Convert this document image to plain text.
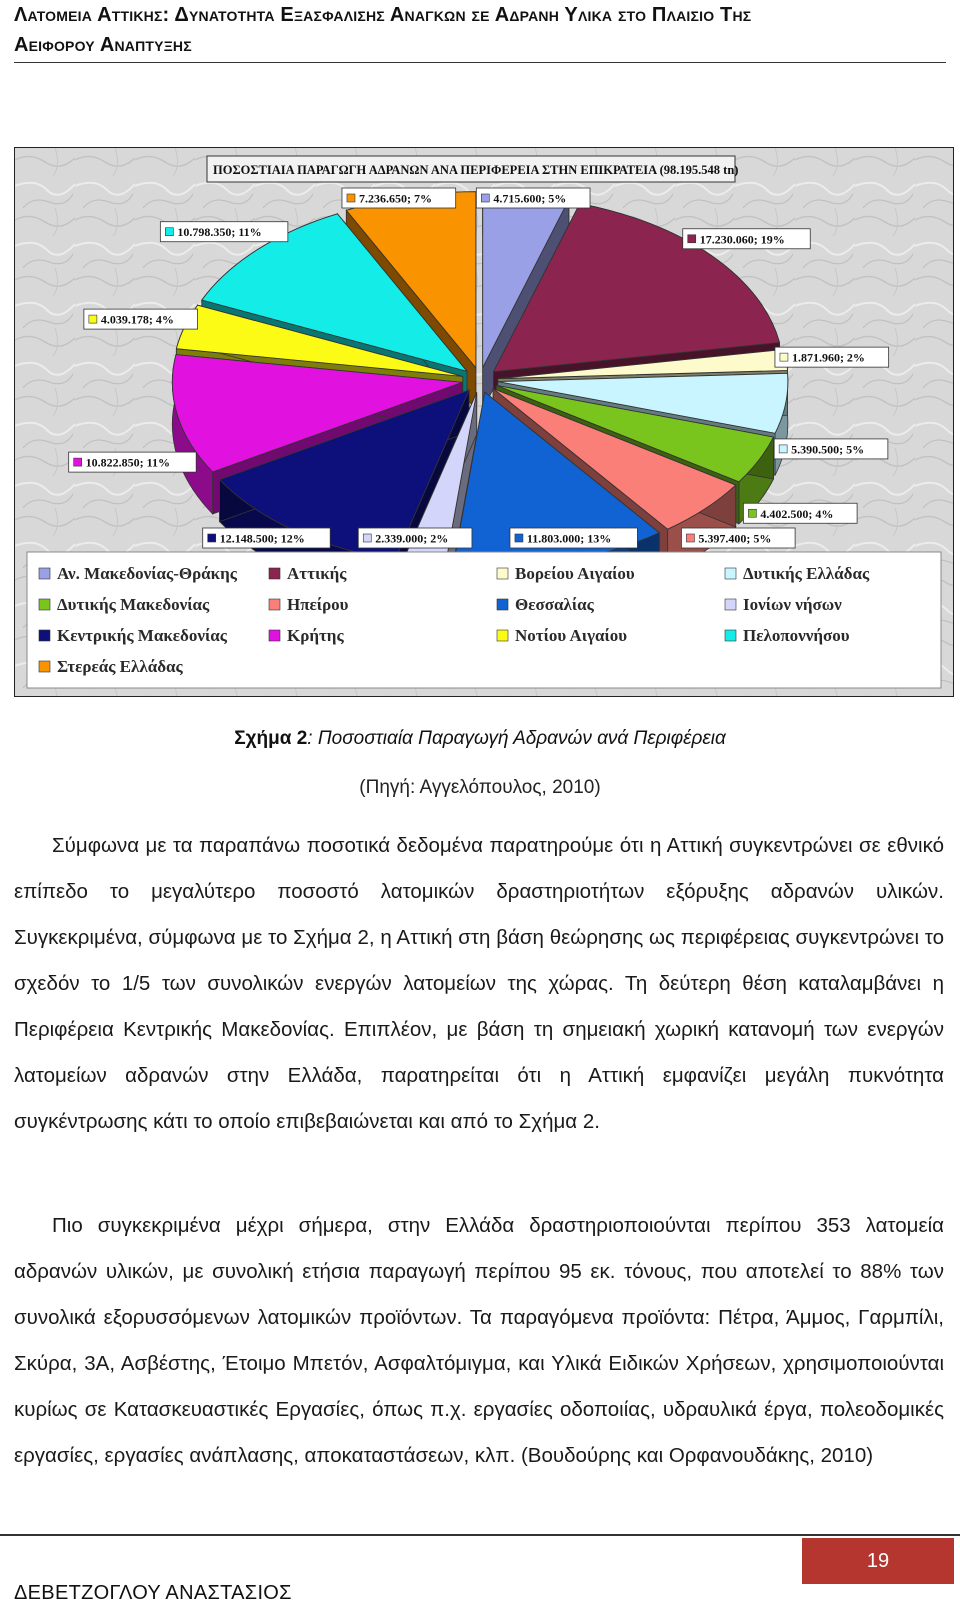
Λατομεια Αττικης: Δυνατοτητα Εξασφαλισης Αναγκων σε Αδρανη Υλικα στο Πλαισιο Της
Αειφορου Αναπτυξης
ΠΟΣΟΣΤΙΑΙΑ ΠΑΡΑΓΩΓΗ ΑΔΡΑΝΩΝ ΑΝΑ ΠΕΡΙΦΕΡΕΙΑ ΣΤΗΝ ΕΠΙΚΡΑΤΕΙΑ (98.195.548 tn)
4.715.600; 5%
17.230.060; 19%
1.871.960; 2%
5.390.500; 5%
4.402.500; 4%
5.397.400; 5%
11.803.000; 13%
2.339.000; 2%
12.148.500; 12%
10.822.850; 11%
4.039.178; 4%
10.798.350; 11%
7.236.650; 7%
Αν. Μακεδονίας-Θράκης	Αττικής	Βορείου Αιγαίου	Δυτικής Ελλάδας
Δυτικής Μακεδονίας	Ηπείρου	Θεσσαλίας	Ιονίων νήσων
Κεντρικής Μακεδονίας	Κρήτης	Νοτίου Αιγαίου	Πελοποννήσου
Στερεάς Ελλάδας
Σχήμα 2: Ποσοστιαία Παραγωγή Αδρανών ανά Περιφέρεια
(Πηγή: Αγγελόπουλος, 2010)
Σύμφωνα με τα παραπάνω ποσοτικά δεδομένα παρατηρούμε ότι η Αττική συγκεντρώνει σε εθνικό επίπεδο το μεγαλύτερο ποσοστό λατομικών δραστηριοτήτων εξόρυξης αδρανών υλικών. Συγκεκριμένα, σύμφωνα με το Σχήμα 2, η Αττική στη βάση θεώρησης ως περιφέρειας συγκεντρώνει το σχεδόν το 1/5 των συνολικών ενεργών λατομείων της χώρας. Τη δεύτερη θέση καταλαμβάνει η Περιφέρεια Κεντρικής Μακεδονίας. Επιπλέον, με βάση τη σημειακή χωρική κατανομή των ενεργών λατομείων αδρανών στην Ελλάδα, παρατηρείται ότι η Αττική εμφανίζει μεγάλη πυκνότητα συγκέντρωσης κάτι το οποίο επιβεβαιώνεται και από το Σχήμα 2.
Πιο συγκεκριμένα μέχρι σήμερα, στην Ελλάδα δραστηριοποιούνται περίπου 353 λατομεία αδρανών υλικών, με συνολική ετήσια παραγωγή περίπου 95 εκ. τόνους, που αποτελεί το 88% των συνολικά εξορυσσόμενων λατομικών προϊόντων. Τα παραγόμενα προϊόντα: Πέτρα, Άμμος, Γαρμπίλι, Σκύρα, 3Α, Ασβέστης, Έτοιμο Μπετόν, Ασφαλτόμιγμα, και Υλικά Ειδικών Χρήσεων, χρησιμοποιούνται κυρίως σε Κατασκευαστικές Εργασίες, όπως π.χ. εργασίες οδοποιίας, υδραυλικά έργα, πολεοδομικές εργασίες, εργασίες ανάπλασης, αποκαταστάσεων, κλπ. (Βουδούρης και Ορφανουδάκης, 2010)
19
ΔΕΒΕΤΖΟΓΛΟΥ ΑΝΑΣΤΑΣΙΟΣ
